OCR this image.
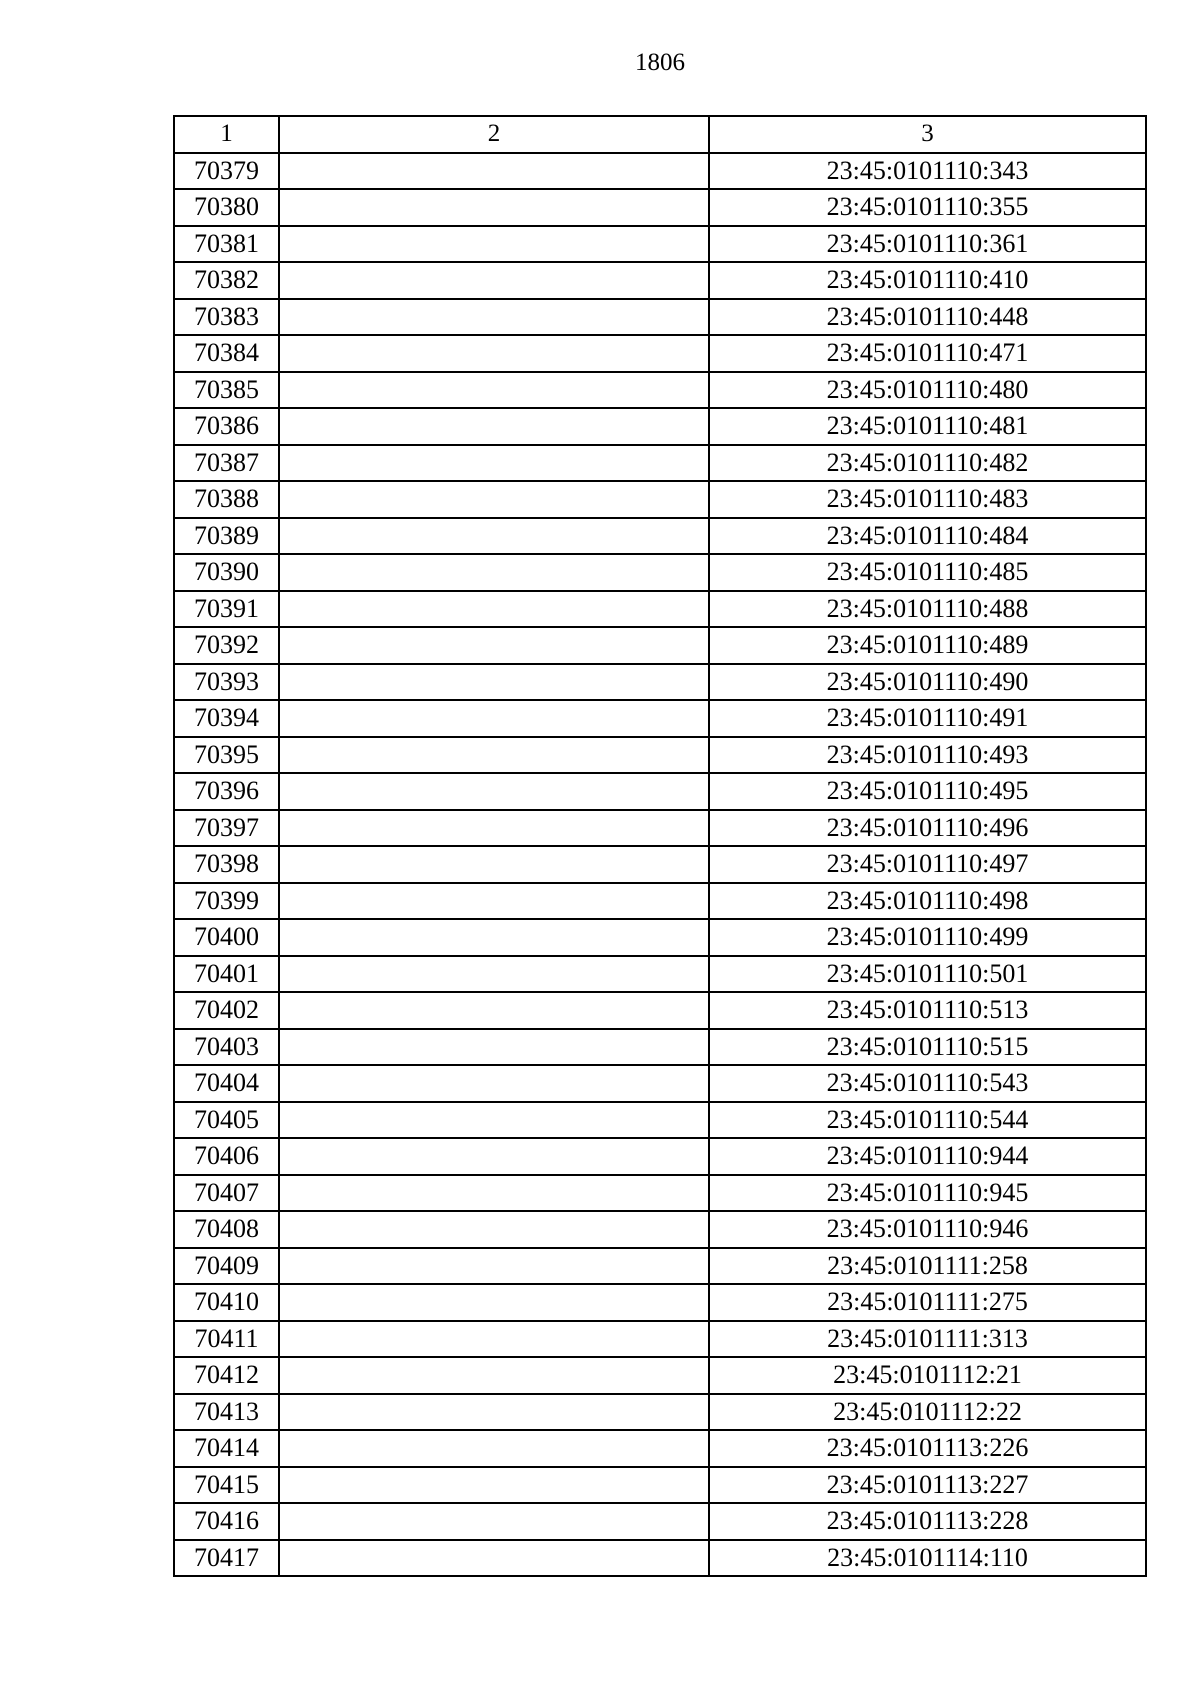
1806
1	2	3
70379		23:45:0101110:343
70380		23:45:0101110:355
70381		23:45:0101110:361
70382		23:45:0101110:410
70383		23:45:0101110:448
70384		23:45:0101110:471
70385		23:45:0101110:480
70386		23:45:0101110:481
70387		23:45:0101110:482
70388		23:45:0101110:483
70389		23:45:0101110:484
70390		23:45:0101110:485
70391		23:45:0101110:488
70392		23:45:0101110:489
70393		23:45:0101110:490
70394		23:45:0101110:491
70395		23:45:0101110:493
70396		23:45:0101110:495
70397		23:45:0101110:496
70398		23:45:0101110:497
70399		23:45:0101110:498
70400		23:45:0101110:499
70401		23:45:0101110:501
70402		23:45:0101110:513
70403		23:45:0101110:515
70404		23:45:0101110:543
70405		23:45:0101110:544
70406		23:45:0101110:944
70407		23:45:0101110:945
70408		23:45:0101110:946
70409		23:45:0101111:258
70410		23:45:0101111:275
70411		23:45:0101111:313
70412		23:45:0101112:21
70413		23:45:0101112:22
70414		23:45:0101113:226
70415		23:45:0101113:227
70416		23:45:0101113:228
70417		23:45:0101114:110
